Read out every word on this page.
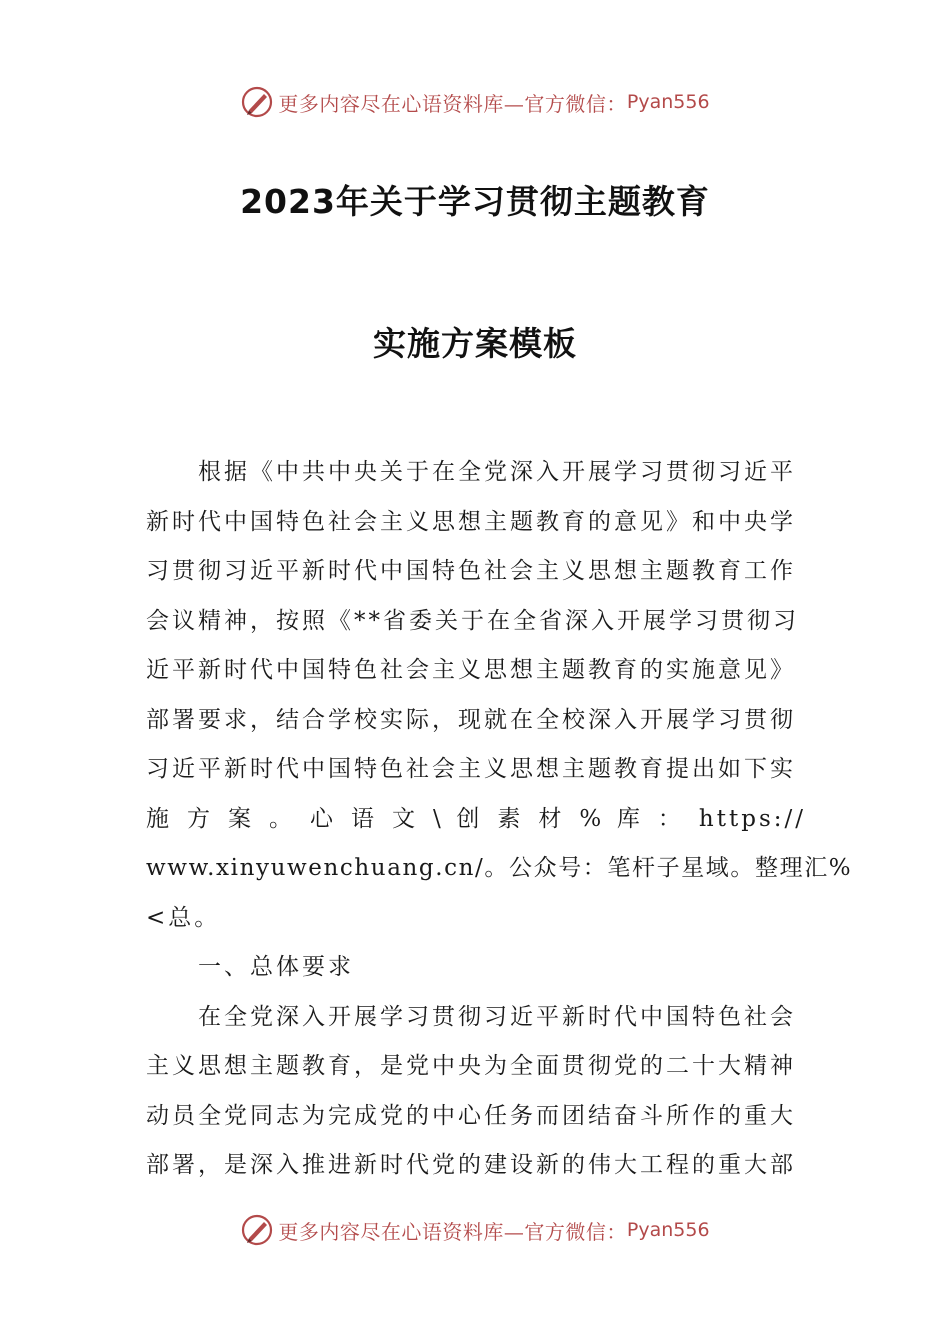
更多内容尽在心语资料库—官方微信： Pyan556
2023年关于学习贯彻主题教育
实施方案模板
根据《中共中央关于在全党深入开展学习贯彻习近平
新时代中国特色社会主义思想主题教育的意见》和中央学
习贯彻习近平新时代中国特色社会主义思想主题教育工作
会议精神，按照《**省委关于在全省深入开展学习贯彻习
近平新时代中国特色社会主义思想主题教育的实施意见》
部署要求，结合学校实际，现就在全校深入开展学习贯彻
习近平新时代中国特色社会主义思想主题教育提出如下实
施 方 案 。 心 语 文 \ 创 素 材 % 库 ： https://
www.xinyuwenchuang.cn/。公众号：笔杆子星域。整理汇%
<总。
一、总体要求
在全党深入开展学习贯彻习近平新时代中国特色社会
主义思想主题教育，是党中央为全面贯彻党的二十大精神
动员全党同志为完成党的中心任务而团结奋斗所作的重大
部署，是深入推进新时代党的建设新的伟大工程的重大部
更多内容尽在心语资料库—官方微信： Pyan556
